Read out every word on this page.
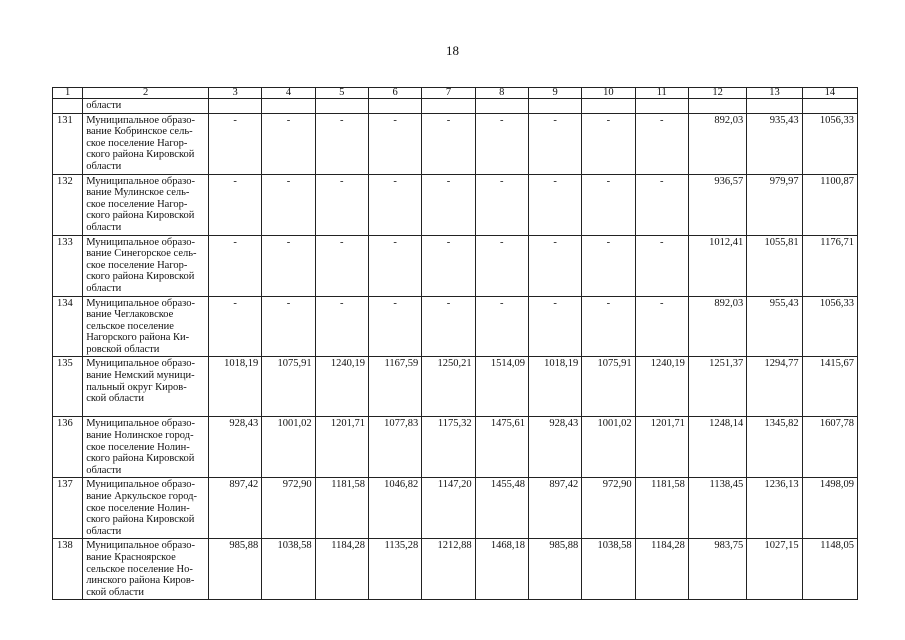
18
1	2	3	4	5	6	7	8	9	10	11	12	13	14

	области												

131	Муниципальное образо-
вание Кобринское сель-
ское поселение Нагор-
ского района Кировской
области	-	-	-	-	-	-	-	-	-	892,03	935,43	1056,33
132	Муниципальное образо-
вание Мулинское сель-
ское поселение Нагор-
ского района Кировской
области	-	-	-	-	-	-	-	-	-	936,57	979,97	1100,87
133	Муниципальное образо-
вание Синегорское сель-
ское поселение Нагор-
ского района Кировской
области	-	-	-	-	-	-	-	-	-	1012,41	1055,81	1176,71
134	Муниципальное образо-
вание Чеглаковское
сельское поселение
Нагорского района Ки-
ровской области	-	-	-	-	-	-	-	-	-	892,03	955,43	1056,33
135	Муниципальное образо-
вание Немский муници-
пальный округ Киров-
ской области	1018,19	1075,91	1240,19	1167,59	1250,21	1514,09	1018,19	1075,91	1240,19	1251,37	1294,77	1415,67
136	Муниципальное образо-
вание Нолинское город-
ское поселение Нолин-
ского района Кировской
области	928,43	1001,02	1201,71	1077,83	1175,32	1475,61	928,43	1001,02	1201,71	1248,14	1345,82	1607,78
137	Муниципальное образо-
вание Аркульское город-
ское поселение Нолин-
ского района Кировской
области	897,42	972,90	1181,58	1046,82	1147,20	1455,48	897,42	972,90	1181,58	1138,45	1236,13	1498,09
138	Муниципальное образо-
вание Красноярское
сельское поселение Но-
линского района Киров-
ской области	985,88	1038,58	1184,28	1135,28	1212,88	1468,18	985,88	1038,58	1184,28	983,75	1027,15	1148,05
